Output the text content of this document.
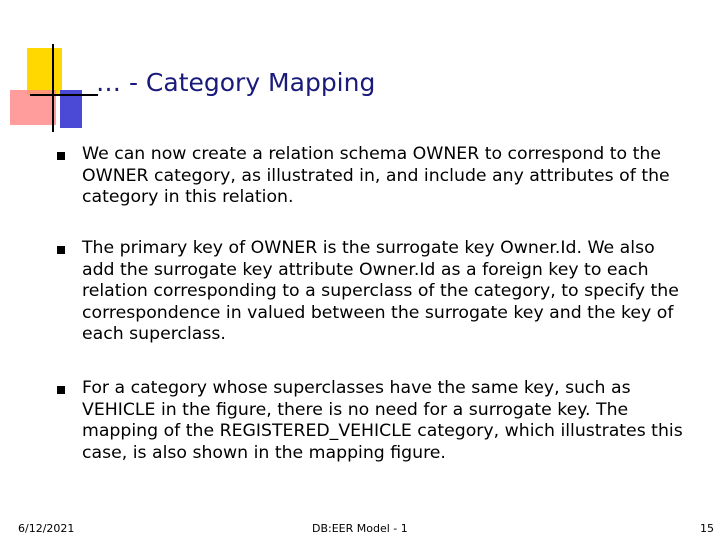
… - Category Mapping
We can now create a relation schema OWNER to correspond to the OWNER category, as illustrated in, and include any attributes of the category in this relation.
The primary key of OWNER is the surrogate key Owner.Id. We also add the surrogate key attribute Owner.Id as a foreign key to each relation corresponding to a superclass of the category, to specify the correspondence in valued between the surrogate key and the key of each superclass.
For a category whose superclasses have the same key, such as VEHICLE in the figure, there is no need for a surrogate key. The mapping of the REGISTERED_VEHICLE category, which illustrates this case, is also shown in the mapping figure.
6/12/2021	DB:EER Model - 1	15
